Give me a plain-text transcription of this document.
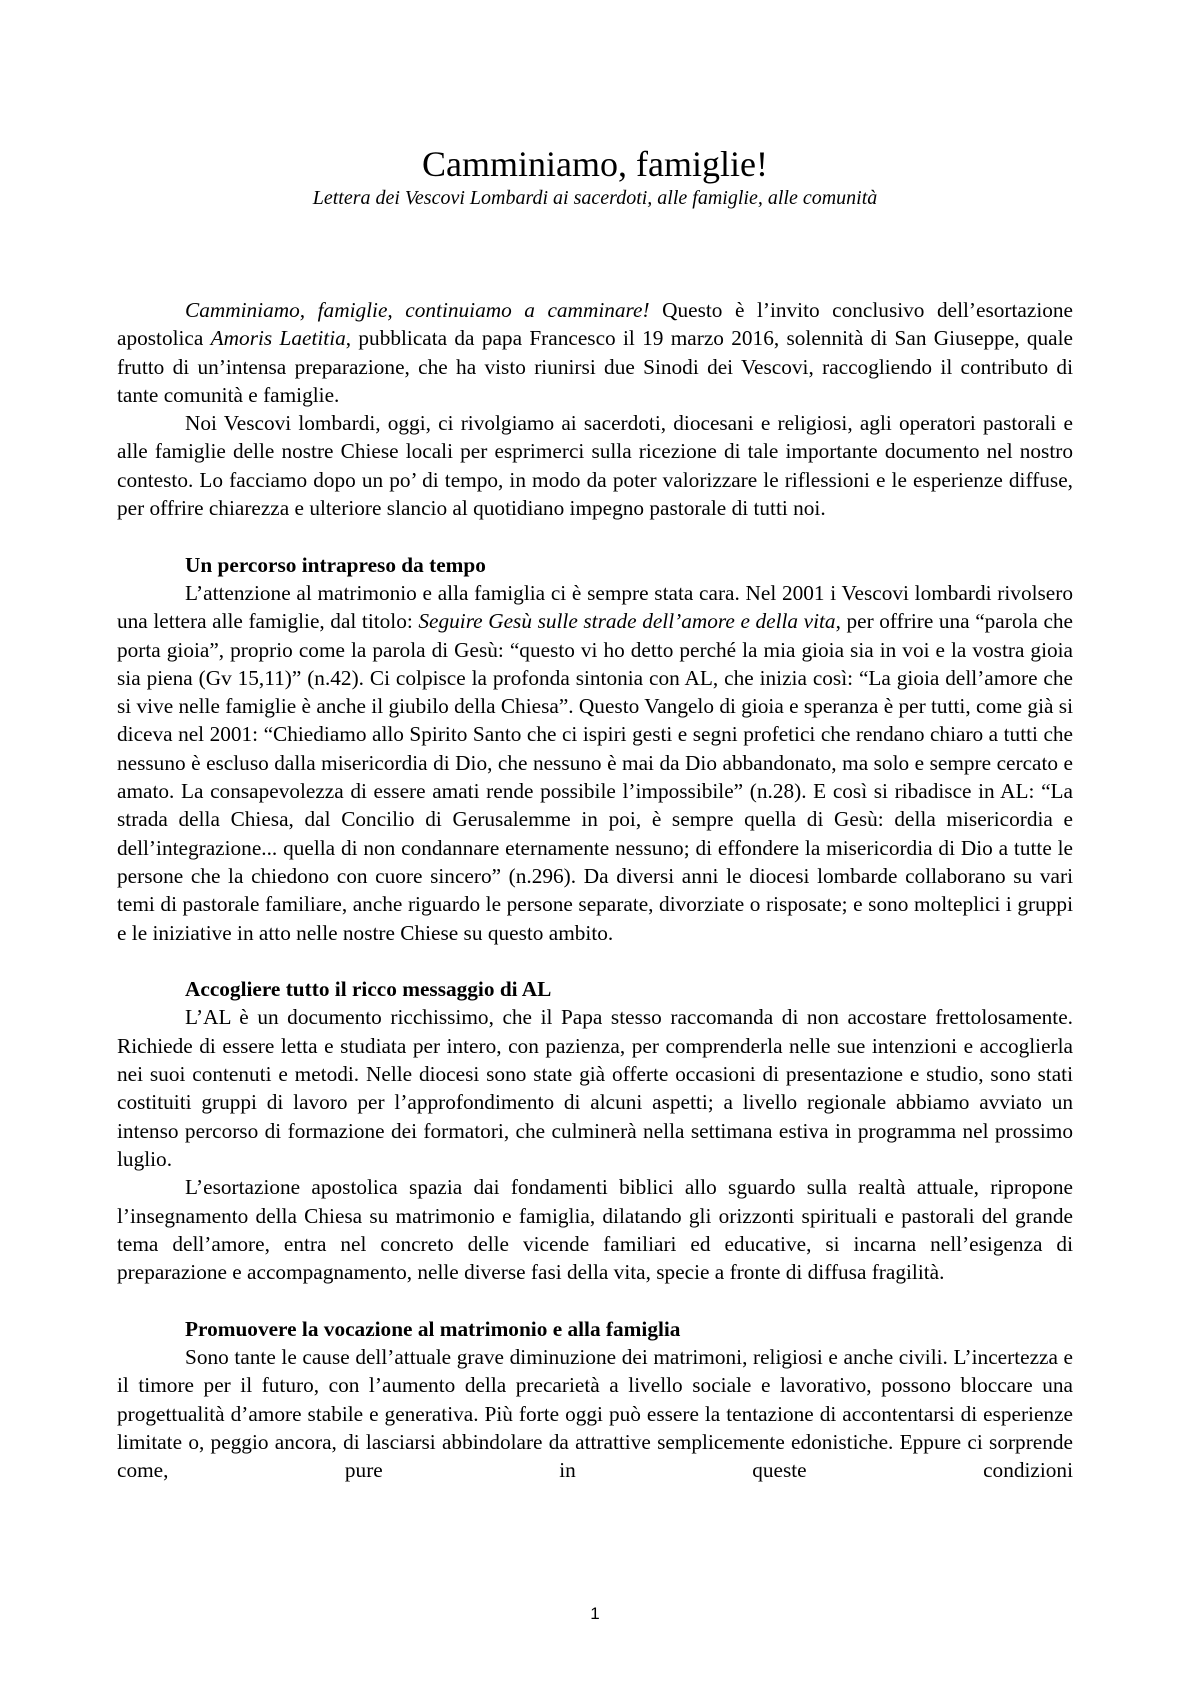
Camminiamo, famiglie!
Lettera dei Vescovi Lombardi ai sacerdoti, alle famiglie, alle comunità

Camminiamo, famiglie, continuiamo a camminare! Questo è l’invito conclusivo dell’esortazione apostolica Amoris Laetitia, pubblicata da papa Francesco il 19 marzo 2016, solennità di San Giuseppe, quale frutto di un’intensa preparazione, che ha visto riunirsi due Sinodi dei Vescovi, raccogliendo il contributo di tante comunità e famiglie.

Noi Vescovi lombardi, oggi, ci rivolgiamo ai sacerdoti, diocesani e religiosi, agli operatori pastorali e alle famiglie delle nostre Chiese locali per esprimerci sulla ricezione di tale importante documento nel nostro contesto. Lo facciamo dopo un po’ di tempo, in modo da poter valorizzare le riflessioni e le esperienze diffuse, per offrire chiarezza e ulteriore slancio al quotidiano impegno pastorale di tutti noi.

Un percorso intrapreso da tempo

L’attenzione al matrimonio e alla famiglia ci è sempre stata cara. Nel 2001 i Vescovi lombardi rivolsero una lettera alle famiglie, dal titolo: Seguire Gesù sulle strade dell’amore e della vita, per offrire una “parola che porta gioia”, proprio come la parola di Gesù: “questo vi ho detto perché la mia gioia sia in voi e la vostra gioia sia piena (Gv 15,11)” (n.42). Ci colpisce la profonda sintonia con AL, che inizia così: “La gioia dell’amore che si vive nelle famiglie è anche il giubilo della Chiesa”. Questo Vangelo di gioia e speranza è per tutti, come già si diceva nel 2001: “Chiediamo allo Spirito Santo che ci ispiri gesti e segni profetici che rendano chiaro a tutti che nessuno è escluso dalla misericordia di Dio, che nessuno è mai da Dio abbandonato, ma solo e sempre cercato e amato. La consapevolezza di essere amati rende possibile l’impossibile” (n.28). E così si ribadisce in AL: “La strada della Chiesa, dal Concilio di Gerusalemme in poi, è sempre quella di Gesù: della misericordia e dell’integrazione... quella di non condannare eternamente nessuno; di effondere la misericordia di Dio a tutte le persone che la chiedono con cuore sincero” (n.296). Da diversi anni le diocesi lombarde collaborano su vari temi di pastorale familiare, anche riguardo le persone separate, divorziate o risposate; e sono molteplici i gruppi e le iniziative in atto nelle nostre Chiese su questo ambito.

Accogliere tutto il ricco messaggio di AL

L’AL è un documento ricchissimo, che il Papa stesso raccomanda di non accostare frettolosamente. Richiede di essere letta e studiata per intero, con pazienza, per comprenderla nelle sue intenzioni e accoglierla nei suoi contenuti e metodi. Nelle diocesi sono state già offerte occasioni di presentazione e studio, sono stati costituiti gruppi di lavoro per l’approfondimento di alcuni aspetti; a livello regionale abbiamo avviato un intenso percorso di formazione dei formatori, che culminerà nella settimana estiva in programma nel prossimo luglio.

L’esortazione apostolica spazia dai fondamenti biblici allo sguardo sulla realtà attuale, ripropone l’insegnamento della Chiesa su matrimonio e famiglia, dilatando gli orizzonti spirituali e pastorali del grande tema dell’amore, entra nel concreto delle vicende familiari ed educative, si incarna nell’esigenza di preparazione e accompagnamento, nelle diverse fasi della vita, specie a fronte di diffusa fragilità.

Promuovere la vocazione al matrimonio e alla famiglia

Sono tante le cause dell’attuale grave diminuzione dei matrimoni, religiosi e anche civili. L’incertezza e il timore per il futuro, con l’aumento della precarietà a livello sociale e lavorativo, possono bloccare una progettualità d’amore stabile e generativa. Più forte oggi può essere la tentazione di accontentarsi di esperienze limitate o, peggio ancora, di lasciarsi abbindolare da attrattive semplicemente edonistiche. Eppure ci sorprende come, pure in queste condizioni

1
